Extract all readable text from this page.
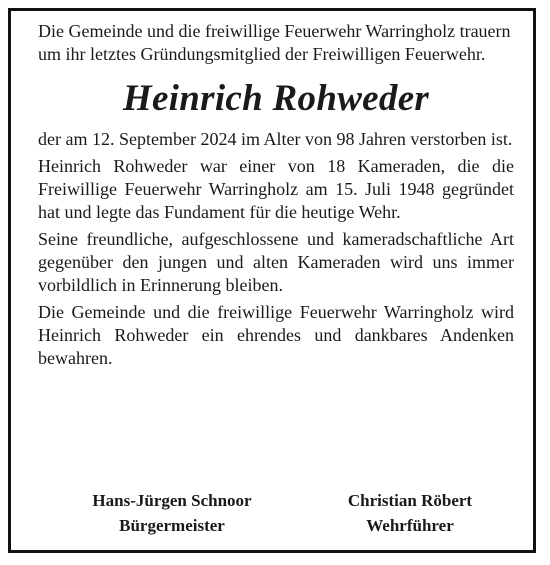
Die Gemeinde und die freiwillige Feuerwehr Warringholz trauern um ihr letztes Gründungsmitglied der Freiwilligen Feuerwehr.

Heinrich Rohweder

der am 12. September 2024 im Alter von 98 Jahren verstorben ist.

Heinrich Rohweder war einer von 18 Kameraden, die die Freiwillige Feuerwehr Warringholz am 15. Juli 1948 gegründet hat und legte das Fundament für die heutige Wehr.

Seine freundliche, aufgeschlossene und kameradschaftliche Art gegenüber den jungen und alten Kameraden wird uns immer vorbildlich in Erinnerung bleiben.

Die Gemeinde und die freiwillige Feuerwehr Warringholz wird Heinrich Rohweder ein ehrendes und dankbares Andenken bewahren.

Hans-Jürgen Schnoor
Bürgermeister
Christian Röbert
Wehrführer
